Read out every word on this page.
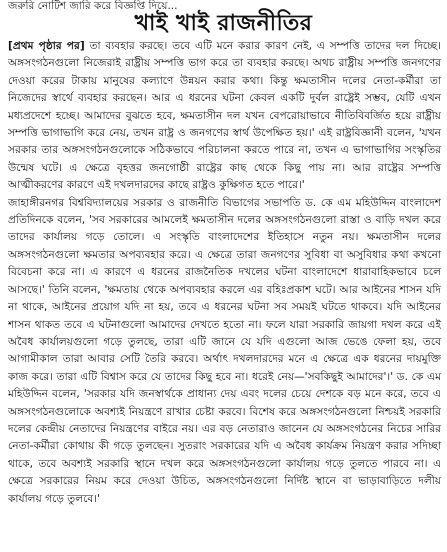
জরুরি নোটিশ জারি করে বিজ্ঞপ্তি দিয়ে...
খাই খাই রাজনীতির

[প্রথম পৃষ্ঠার পর] তা ব্যবহার করছে। তবে এটি মনে করার কারণ নেই, এ সম্পত্তি তাদের দল দিচ্ছে। অঙ্গসংগঠনগুলো নিজেরাই রাষ্ট্রীয় সম্পত্তি ভাগ করে তা ব্যবহার করছে। অথচ রাষ্ট্রীয় সম্পত্তি জনগণের দেওয়া করের টাকায় মানুষের কল্যাণে উন্নয়ন করার কথা। কিন্তু ক্ষমতাসীন দলের নেতা-কর্মীরা তা নিজেদের স্বার্থে ব্যবহার করছেন। আর এ ধরনের ঘটনা কেবল একটি দুর্বল রাষ্ট্রেই সম্ভব, যেটি এখন মধ্যপ্রদেশে হচ্ছে। আমাদের বুঝতে হবে, ক্ষমতাসীন দল যখন বেপরোয়াভাবে নীতিবিবর্জিত হয়ে রাষ্ট্রীয় সম্পত্তি ভাগাভাগি করে নেয়, তখন রাষ্ট্র ও জনগণের স্বার্থ উপেক্ষিত হয়।' এই রাষ্ট্রবিজ্ঞানী বলেন, 'যখন সরকার তার অঙ্গসংগঠনগুলোকে সঠিকভাবে পরিচালনা করতে পারে না, তখন এ ভাগাভাগির সংস্কৃতির উন্মেষ ঘটে। এ ক্ষেত্রে বৃহত্তর জনগোষ্ঠী রাষ্ট্রের কাছ থেকে কিছু পায় না। আর রাষ্ট্রের সম্পত্তি আত্মীকরণের কারণে এই দখলদারদের কাছে রাষ্ট্রও কুক্ষিগত হতে পারে।'

জাহাঙ্গীরনগর বিশ্ববিদ্যালয়ের সরকার ও রাজনীতি বিভাগের সভাপতি ড. কে এম মহিউদ্দিন বাংলাদেশ প্রতিদিনকে বলেন, 'সব সরকারের আমলেই ক্ষমতাসীন দলের অঙ্গসংগঠনগুলো রাস্তা ও বাড়ি দখল করে তাদের কার্যালয় গড়ে তোলে। এ সংস্কৃতি বাংলাদেশের ইতিহাসে নতুন নয়। ক্ষমতাসীন দলের অঙ্গসংগঠনগুলো ক্ষমতার অপব্যবহার করে। এ ক্ষেত্রে তারা জনগণের সুবিধা বা অসুবিধার কথা কখনো বিবেচনা করে না। এ কারণে এ ধরনের রাজনৈতিক দখলের ঘটনা বাংলাদেশে ধারাবাহিকভাবে চলে আসছে।' তিনি বলেন, 'ক্ষমতায় থেকে অপব্যবহার করলে এর বহিঃপ্রকাশ ঘটে। আর আইনের শাসন যদি না থাকে, আইনের প্রয়োগ যদি না হয়, তবে এ ধরনের ঘটনা সব সময়ই ঘটতে থাকবে। যদি আইনের শাসন থাকত তবে এ ঘটনাগুলো আমাদের দেখতে হতো না। ফলে যারা সরকারি জায়গা দখল করে এই অবৈধ কার্যালয়গুলো গড়ে তুলছে, তারা এটি জানে যে যদি এগুলো আজ ভেঙে ফেলা হয়, তবে আগামীকাল তারা আবার সেটি তৈরি করবে। অর্থাৎ দখলদারদের মনে এ ক্ষেত্রে এক ধরনের দায়মুক্তি কাজ করে। তারা এটি বিশ্বাস করে যে তাদের কিছু হবে না। ধরেই নেয়—'সবকিছুই আমাদের'।' ড. কে এম মহিউদ্দিন বলেন, 'সরকার যদি জনস্বার্থকে প্রাধান্য দেয় এবং দলের চেয়ে দেশকে বড় মনে করে, তবে এ অঙ্গসংগঠনগুলোকে অবশ্যই নিয়ন্ত্রণে রাখার চেষ্টা করবে। বিশেষ করে অঙ্গসংগঠনগুলো নিশ্চয়ই সরকারি দলের কেন্দ্রীয় নেতাদের নিয়ন্ত্রণের বাইরে নয়। এর বড় নেতারাও জানেন যে অঙ্গসংগঠনের নিচের সারির নেতা-কর্মীরা কোথায় কী গড়ে তুলছেন। সুতরাং সরকারের যদি এ অবৈধ কার্যক্রম নিয়ন্ত্রণ করার সদিচ্ছা থাকে, তবে অবশ্যই সরকারি স্থানে দখল করে অঙ্গসংগঠনগুলো কার্যালয় গড়ে তুলতে পারবে না। এ ক্ষেত্রে সরকারের নিয়ম করে দেওয়া উচিত, অঙ্গসংগঠনগুলো নির্দিষ্ট স্থানে বা ভাড়াবাড়িতে দলীয় কার্যালয় গড়ে তুলবে।'
